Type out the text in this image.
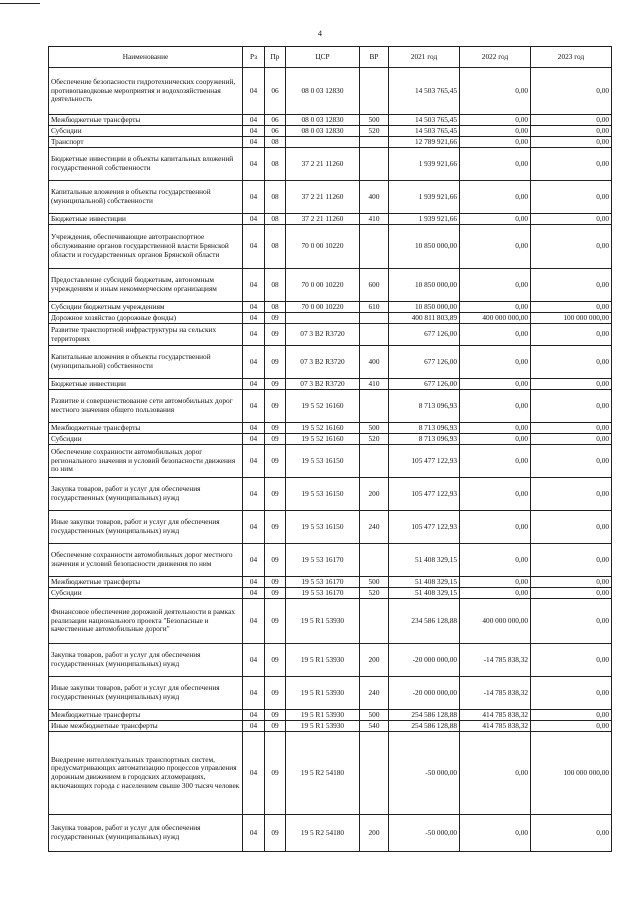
4
Наименование	Рз	Пр	ЦСР	ВР	2021 год	2022 год	2023 год
Обеспечение безопасности гидротехнических сооружений, противопаводковые мероприятия и водохозяйственная деятельность	04	06	08 0 03 12830		14 503 765,45	0,00	0,00
Межбюджетные трансферты	04	06	08 0 03 12830	500	14 503 765,45	0,00	0,00
Субсидии	04	06	08 0 03 12830	520	14 503 765,45	0,00	0,00
Транспорт	04	08			12 789 921,66	0,00	0,00
Бюджетные инвестиции в объекты капитальных вложений государственной собственности	04	08	37 2 21 11260		1 939 921,66	0,00	0,00
Капитальные вложения в объекты государственной (муниципальной) собственности	04	08	37 2 21 11260	400	1 939 921,66	0,00	0,00
Бюджетные инвестиции	04	08	37 2 21 11260	410	1 939 921,66	0,00	0,00
Учреждения, обеспечивающие автотранспортное обслуживание органов государственной власти Брянской области и государственных органов Брянской области	04	08	70 0 00 10220		10 850 000,00	0,00	0,00
Предоставление субсидий бюджетным, автономным учреждениям и иным некоммерческим организациям	04	08	70 0 00 10220	600	10 850 000,00	0,00	0,00
Субсидии бюджетным учреждениям	04	08	70 0 00 10220	610	10 850 000,00	0,00	0,00
Дорожное хозяйство (дорожные фонды)	04	09			400 811 803,89	400 000 000,00	100 000 000,00
Развитие транспортной инфраструктуры на сельских территориях	04	09	07 3 В2 R3720		677 126,00	0,00	0,00
Капитальные вложения в объекты государственной (муниципальной) собственности	04	09	07 3 В2 R3720	400	677 126,00	0,00	0,00
Бюджетные инвестиции	04	09	07 3 В2 R3720	410	677 126,00	0,00	0,00
Развитие и совершенствование сети автомобильных дорог местного значения общего пользования	04	09	19 5 52 16160		8 713 096,93	0,00	0,00
Межбюджетные трансферты	04	09	19 5 52 16160	500	8 713 096,93	0,00	0,00
Субсидии	04	09	19 5 52 16160	520	8 713 096,93	0,00	0,00
Обеспечение сохранности автомобильных дорог регионального значения и условий безопасности движения по ним	04	09	19 5 53 16150		105 477 122,93	0,00	0,00
Закупка товаров, работ и услуг для обеспечения государственных (муниципальных) нужд	04	09	19 5 53 16150	200	105 477 122,93	0,00	0,00
Иные закупки товаров, работ и услуг для обеспечения государственных (муниципальных) нужд	04	09	19 5 53 16150	240	105 477 122,93	0,00	0,00
Обеспечение сохранности автомобильных дорог местного значения и условий безопасности движения по ним	04	09	19 5 53 16170		51 408 329,15	0,00	0,00
Межбюджетные трансферты	04	09	19 5 53 16170	500	51 408 329,15	0,00	0,00
Субсидии	04	09	19 5 53 16170	520	51 408 329,15	0,00	0,00
Финансовое обеспечение дорожной деятельности в рамках реализации национального проекта "Безопасные и качественные автомобильные дороги"	04	09	19 5 R1 53930		234 586 128,88	400 000 000,00	0,00
Закупка товаров, работ и услуг для обеспечения государственных (муниципальных) нужд	04	09	19 5 R1 53930	200	-20 000 000,00	-14 785 838,32	0,00
Иные закупки товаров, работ и услуг для обеспечения государственных (муниципальных) нужд	04	09	19 5 R1 53930	240	-20 000 000,00	-14 785 838,32	0,00
Межбюджетные трансферты	04	09	19 5 R1 53930	500	254 586 128,88	414 785 838,32	0,00
Иные межбюджетные трансферты	04	09	19 5 R1 53930	540	254 586 128,88	414 785 838,32	0,00
Внедрение интеллектуальных транспортных систем, предусматривающих автоматизацию процессов управления дорожным движением в городских агломерациях, включающих города с населением свыше 300 тысяч человек	04	09	19 5 R2 54180		-50 000,00	0,00	100 000 000,00
Закупка товаров, работ и услуг для обеспечения государственных (муниципальных) нужд	04	09	19 5 R2 54180	200	-50 000,00	0,00	0,00
